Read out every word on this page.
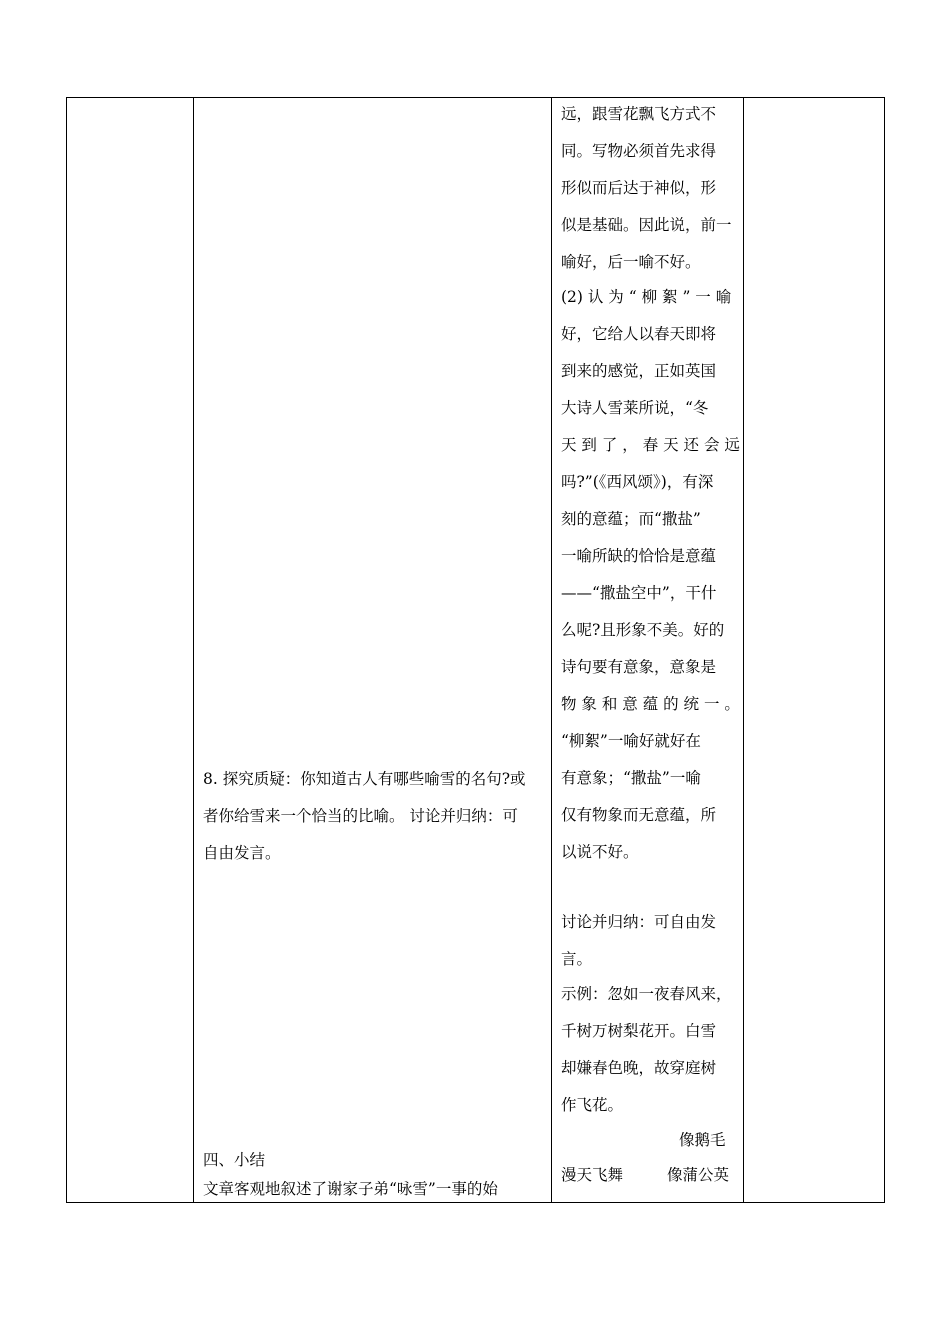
8. 探究质疑：你知道古人有哪些喻雪的名句?或
者你给雪来一个恰当的比喻。 讨论并归纳：可
自由发言。
四、小结
文章客观地叙述了谢家子弟“咏雪”一事的始
远，跟雪花飘飞方式不
同。写物必须首先求得
形似而后达于神似，形
似是基础。因此说，前一
喻好，后一喻不好。
(2) 认 为 “ 柳 絮 ” 一 喻
好，它给人以春天即将
到来的感觉，正如英国
大诗人雪莱所说，“冬
天 到 了 ， 春 天 还 会 远
吗?”(《西风颂》)，有深
刻的意蕴；而“撒盐”
一喻所缺的恰恰是意蕴
——“撒盐空中”，干什
么呢?且形象不美。好的
诗句要有意象，意象是
物 象 和 意 蕴 的 统 一 。
“柳絮”一喻好就好在
有意象；“撒盐”一喻
仅有物象而无意蕴，所
以说不好。
讨论并归纳：可自由发
言。
示例：忽如一夜春风来，
千树万树梨花开。白雪
却嫌春色晚，故穿庭树
作飞花。
像鹅毛
漫天飞舞	像蒲公英
